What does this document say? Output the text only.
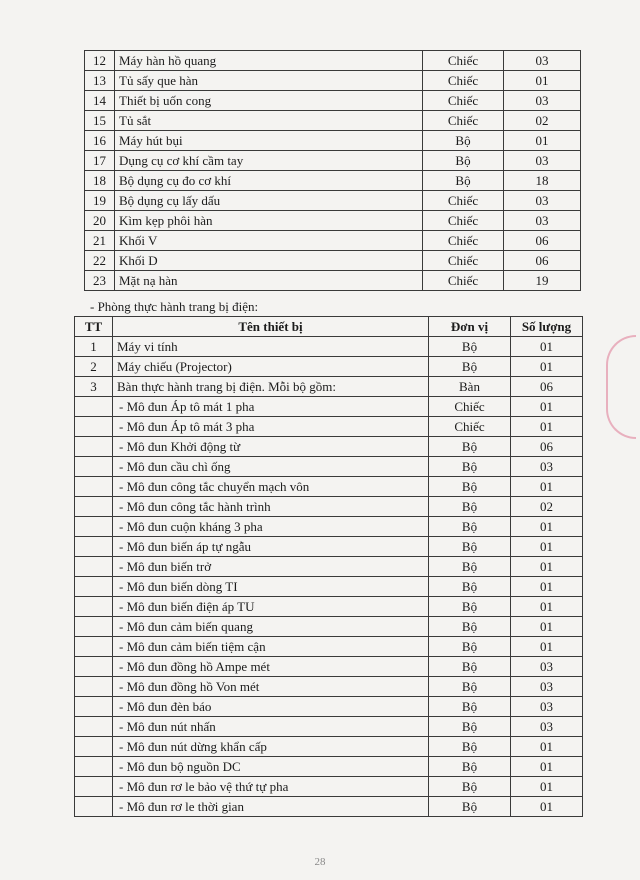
12	Máy hàn hồ quang	Chiếc	03
13	Tủ sấy que hàn	Chiếc	01
14	Thiết bị uốn cong	Chiếc	03
15	Tủ sắt	Chiếc	02
16	Máy hút bụi	Bộ	01
17	Dụng cụ cơ khí cầm tay	Bộ	03
18	Bộ dụng cụ đo cơ khí	Bộ	18
19	Bộ dụng cụ lấy dấu	Chiếc	03
20	Kìm kẹp phôi hàn	Chiếc	03
21	Khối V	Chiếc	06
22	Khối D	Chiếc	06
23	Mặt nạ hàn	Chiếc	19
- Phòng thực hành trang bị điện:
TT	Tên thiết bị	Đơn vị	Số lượng
1	Máy vi tính	Bộ	01
2	Máy chiếu (Projector)	Bộ	01
3	Bàn thực hành trang bị điện. Mỗi bộ gồm:	Bàn	06
	- Mô đun Áp tô mát 1 pha	Chiếc	01
	- Mô đun Áp tô mát 3 pha	Chiếc	01
	- Mô đun Khởi động từ	Bộ	06
	- Mô đun cầu chì ống	Bộ	03
	- Mô đun công tắc chuyển mạch vôn	Bộ	01
	- Mô đun công tắc hành trình	Bộ	02
	- Mô đun cuộn kháng 3 pha	Bộ	01
	- Mô đun biến áp tự ngẫu	Bộ	01
	- Mô đun biến trở	Bộ	01
	- Mô đun biến dòng TI	Bộ	01
	- Mô đun biến điện áp TU	Bộ	01
	- Mô đun cảm biến quang	Bộ	01
	- Mô đun cảm biến tiệm cận	Bộ	01
	- Mô đun đồng hồ Ampe mét	Bộ	03
	- Mô đun đồng hồ Von mét	Bộ	03
	- Mô đun đèn báo	Bộ	03
	- Mô đun nút nhấn	Bộ	03
	- Mô đun nút dừng khẩn cấp	Bộ	01
	- Mô đun bộ nguồn DC	Bộ	01
	- Mô đun rơ le bảo vệ thứ tự pha	Bộ	01
	- Mô đun rơ le thời gian	Bộ	01
28
